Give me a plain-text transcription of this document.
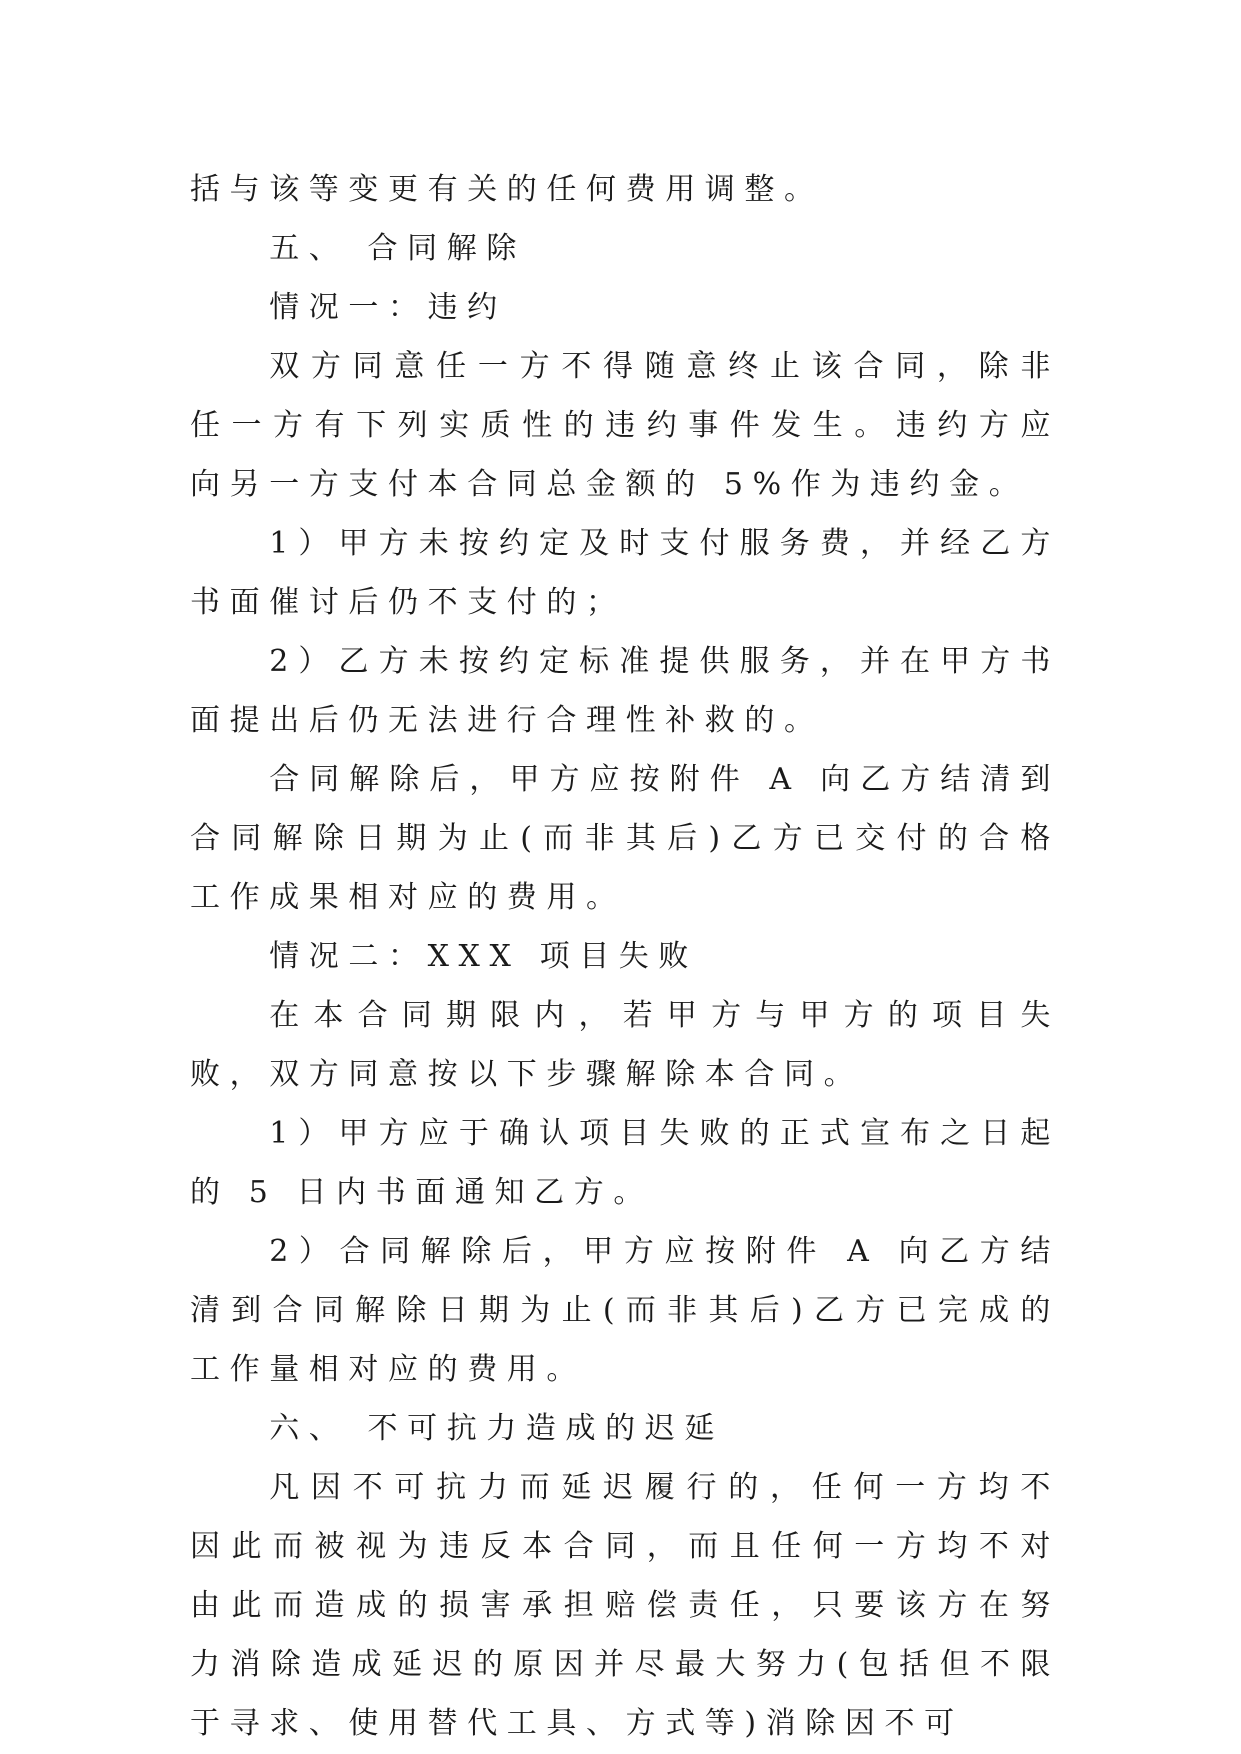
括与该等变更有关的任何费用调整。

五、 合同解除

情况一：违约

双方同意任一方不得随意终止该合同，除非任一方有下列实质性的违约事件发生。违约方应向另一方支付本合同总金额的 5%作为违约金。

1）甲方未按约定及时支付服务费，并经乙方书面催讨后仍不支付的；

2）乙方未按约定标准提供服务，并在甲方书面提出后仍无法进行合理性补救的。

合同解除后，甲方应按附件 A 向乙方结清到合同解除日期为止(而非其后)乙方已交付的合格工作成果相对应的费用。

情况二：XXX 项目失败

在本合同期限内，若甲方与甲方的项目失败，双方同意按以下步骤解除本合同。

1）甲方应于确认项目失败的正式宣布之日起的 5 日内书面通知乙方。

2）合同解除后，甲方应按附件 A 向乙方结清到合同解除日期为止(而非其后)乙方已完成的工作量相对应的费用。

六、 不可抗力造成的迟延

凡因不可抗力而延迟履行的，任何一方均不因此而被视为违反本合同，而且任何一方均不对由此而造成的损害承担赔偿责任，只要该方在努力消除造成延迟的原因并尽最大努力(包括但不限于寻求、使用替代工具、方式等)消除因不可
